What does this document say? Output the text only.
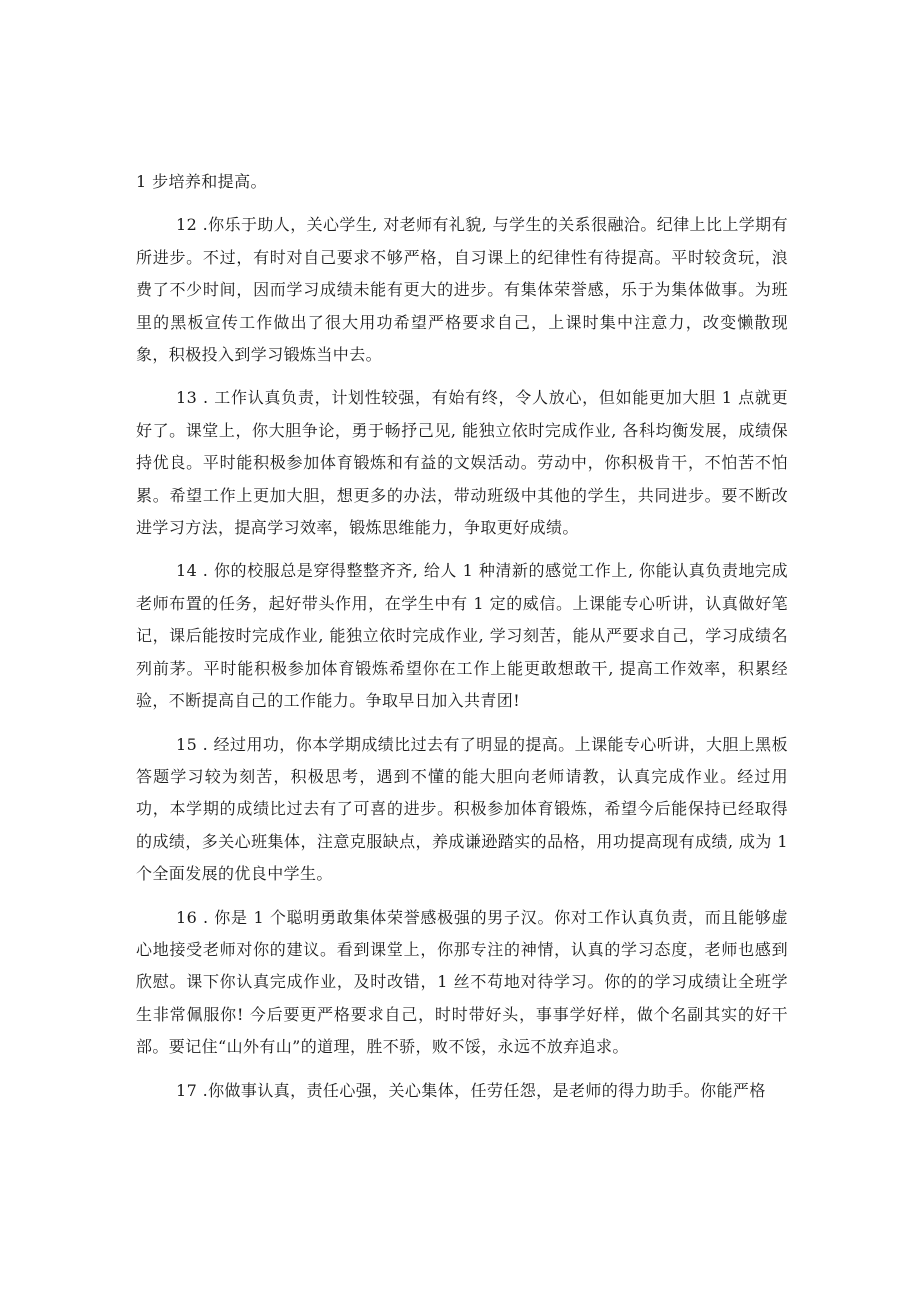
1 步培养和提高。

12 .你乐于助人，关心学生, 对老师有礼貌, 与学生的关系很融洽。纪律上比上学期有所进步。不过，有时对自己要求不够严格，自习课上的纪律性有待提高。平时较贪玩，浪费了不少时间，因而学习成绩未能有更大的进步。有集体荣誉感，乐于为集体做事。为班里的黑板宣传工作做出了很大用功希望严格要求自己，上课时集中注意力，改变懒散现象，积极投入到学习锻炼当中去。

13 . 工作认真负责，计划性较强，有始有终，令人放心，但如能更加大胆 1 点就更好了。课堂上，你大胆争论，勇于畅抒己见, 能独立依时完成作业, 各科均衡发展，成绩保持优良。平时能积极参加体育锻炼和有益的文娱活动。劳动中，你积极肯干，不怕苦不怕累。希望工作上更加大胆，想更多的办法，带动班级中其他的学生，共同进步。要不断改进学习方法，提高学习效率，锻炼思维能力，争取更好成绩。

14 . 你的校服总是穿得整整齐齐, 给人 1 种清新的感觉工作上, 你能认真负责地完成老师布置的任务，起好带头作用，在学生中有 1 定的威信。上课能专心听讲，认真做好笔记，课后能按时完成作业, 能独立依时完成作业, 学习刻苦，能从严要求自己，学习成绩名列前茅。平时能积极参加体育锻炼希望你在工作上能更敢想敢干, 提高工作效率，积累经验，不断提高自己的工作能力。争取早日加入共青团!

15 . 经过用功，你本学期成绩比过去有了明显的提高。上课能专心听讲，大胆上黑板答题学习较为刻苦，积极思考，遇到不懂的能大胆向老师请教，认真完成作业。经过用功，本学期的成绩比过去有了可喜的进步。积极参加体育锻炼，希望今后能保持已经取得的成绩，多关心班集体，注意克服缺点，养成谦逊踏实的品格，用功提高现有成绩, 成为 1 个全面发展的优良中学生。

16 . 你是 1 个聪明勇敢集体荣誉感极强的男子汉。你对工作认真负责，而且能够虚心地接受老师对你的建议。看到课堂上，你那专注的神情，认真的学习态度，老师也感到欣慰。课下你认真完成作业，及时改错，1 丝不苟地对待学习。你的的学习成绩让全班学生非常佩服你! 今后要更严格要求自己，时时带好头，事事学好样，做个名副其实的好干部。要记住“山外有山”的道理，胜不骄，败不馁，永远不放弃追求。

17 .你做事认真，责任心强，关心集体，任劳任怨，是老师的得力助手。你能严格
